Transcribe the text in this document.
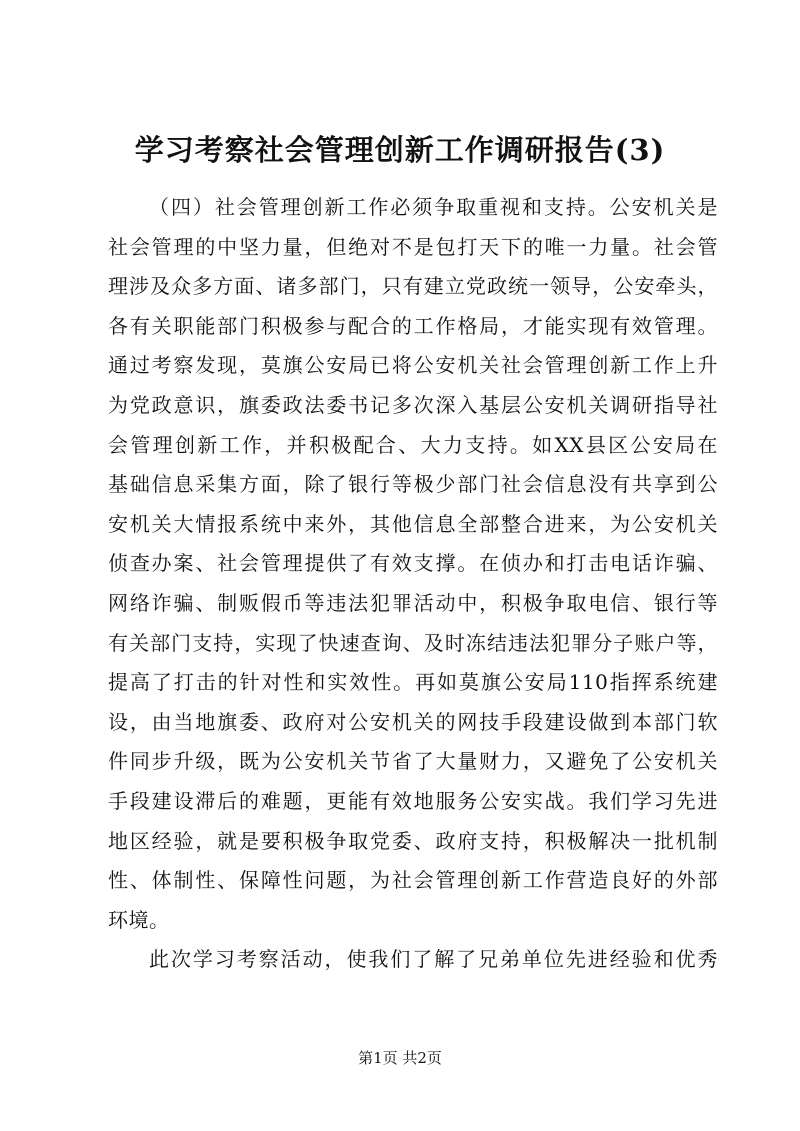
学习考察社会管理创新工作调研报告(3)
（四）社会管理创新工作必须争取重视和支持。公安机关是
社会管理的中坚力量，但绝对不是包打天下的唯一力量。社会管
理涉及众多方面、诸多部门，只有建立党政统一领导，公安牵头，
各有关职能部门积极参与配合的工作格局，才能实现有效管理。
通过考察发现，莫旗公安局已将公安机关社会管理创新工作上升
为党政意识，旗委政法委书记多次深入基层公安机关调研指导社
会管理创新工作，并积极配合、大力支持。如XX县区公安局在
基础信息采集方面，除了银行等极少部门社会信息没有共享到公
安机关大情报系统中来外，其他信息全部整合进来，为公安机关
侦查办案、社会管理提供了有效支撑。在侦办和打击电话诈骗、
网络诈骗、制贩假币等违法犯罪活动中，积极争取电信、银行等
有关部门支持，实现了快速查询、及时冻结违法犯罪分子账户等，
提高了打击的针对性和实效性。再如莫旗公安局110指挥系统建
设，由当地旗委、政府对公安机关的网技手段建设做到本部门软
件同步升级，既为公安机关节省了大量财力，又避免了公安机关
手段建设滞后的难题，更能有效地服务公安实战。我们学习先进
地区经验，就是要积极争取党委、政府支持，积极解决一批机制
性、体制性、保障性问题，为社会管理创新工作营造良好的外部
环境。
此次学习考察活动，使我们了解了兄弟单位先进经验和优秀
第1页 共2页
